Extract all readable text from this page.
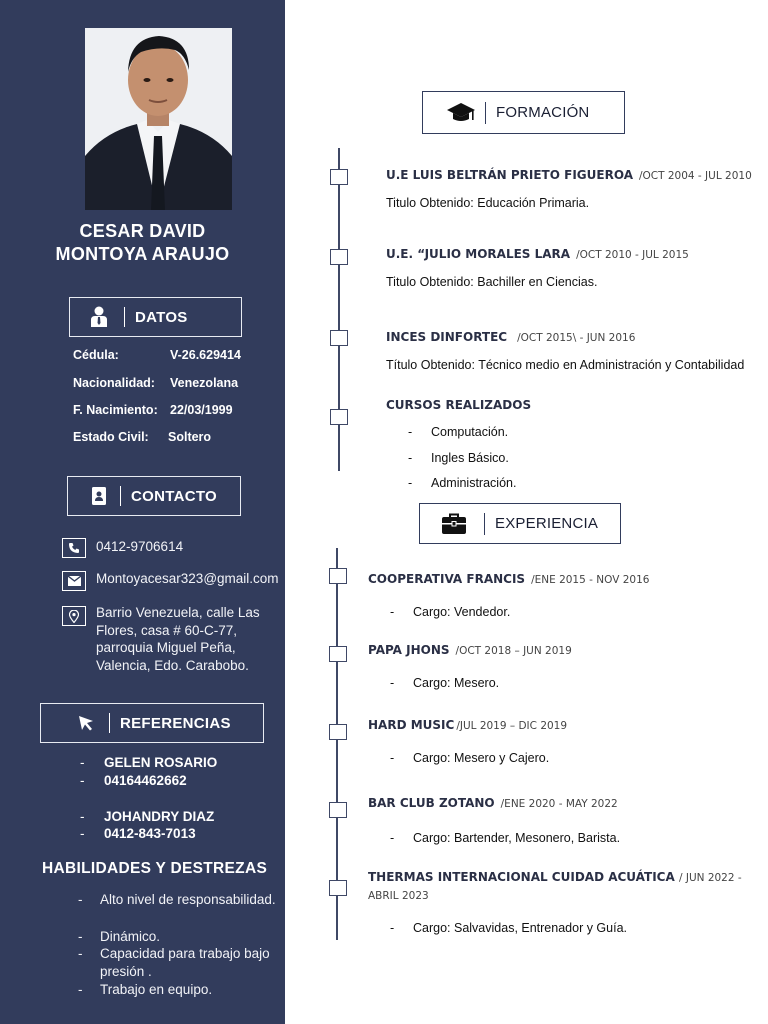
CESAR DAVID
MONTOYA ARAUJO
DATOS
Cédula:	V-26.629414
Nacionalidad: Venezolana
F. Nacimiento: 22/03/1999
Estado Civil: Soltero
CONTACTO
0412-9706614
Montoyacesar323@gmail.com
Barrio Venezuela, calle Las
Flores, casa # 60-C-77,
parroquia Miguel Peña,
Valencia, Edo. Carabobo.
REFERENCIAS
- GELEN ROSARIO
- 04164462662
- JOHANDRY DIAZ
- 0412-843-7013
HABILIDADES Y DESTREZAS
- Alto nivel de responsabilidad.
- Dinámico.
- Capacidad para trabajo bajo presión .
- Trabajo en equipo.
FORMACIÓN
U.E LUIS BELTRÁN PRIETO FIGUEROA /OCT 2004 - JUL 2010
Titulo Obtenido: Educación Primaria.
U.E. “JULIO MORALES LARA /OCT 2010 - JUL 2015
Titulo Obtenido: Bachiller en Ciencias.
INCES DINFORTEC /OCT 2015\ - JUN 2016
Título Obtenido: Técnico medio en Administración y Contabilidad
CURSOS REALIZADOS
- Computación.
- Ingles Básico.
- Administración.
EXPERIENCIA
COOPERATIVA FRANCIS /ENE 2015 - NOV 2016
- Cargo: Vendedor.
PAPA JHONS /OCT 2018 – JUN 2019
- Cargo: Mesero.
HARD MUSIC /JUL 2019 – DIC 2019
- Cargo: Mesero y Cajero.
BAR CLUB ZOTANO /ENE 2020 - MAY 2022
- Cargo: Bartender, Mesonero, Barista.
THERMAS INTERNACIONAL CUIDAD ACUÁTICA / JUN 2022 - ABRIL 2023
- Cargo: Salvavidas, Entrenador y Guía.
